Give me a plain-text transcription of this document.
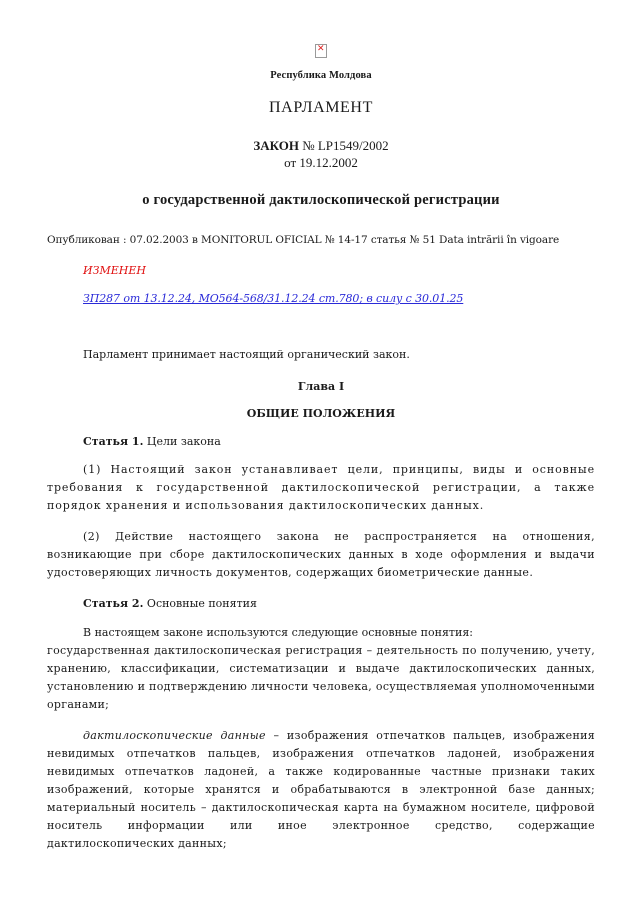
✕
Республика Молдова
ПАРЛАМЕНТ
ЗАКОН № LP1549/2002
от 19.12.2002
о государственной дактилоскопической регистрации
Опубликован : 07.02.2003 в MONITORUL OFICIAL № 14-17 статья № 51 Data intrării în vigoare
ИЗМЕНЕН
ЗП287 от 13.12.24, MO564-568/31.12.24 ст.780; в силу с 30.01.25

Парламент принимает настоящий органический закон.

Глава I
ОБЩИЕ ПОЛОЖЕНИЯ
Статья 1. Цели закона

(1) Настоящий закон устанавливает цели, принципы, виды и основные требования к государственной дактилоскопической регистрации, а также порядок хранения и использования дактилоскопических данных.

(2) Действие настоящего закона не распространяется на отношения, возникающие при сборе дактилоскопических данных в ходе оформления и выдачи удостоверяющих личность документов, содержащих биометрические данные.

Статья 2. Основные понятия

В настоящем законе используются следующие основные понятия:

государственная дактилоскопическая регистрация – деятельность по получению, учету, хранению, классификации, систематизации и выдаче дактилоскопических данных, установлению и подтверждению личности человека, осуществляемая уполномоченными органами;

дактилоскопические данные – изображения отпечатков пальцев, изображения невидимых отпечатков пальцев, изображения отпечатков ладоней, изображения невидимых отпечатков ладоней, а также кодированные частные признаки таких изображений, которые хранятся и обрабатываются в электронной базе данных; материальный носитель – дактилоскопическая карта на бумажном носителе, цифровой носитель информации или иное электронное средство, содержащие дактилоскопических данных;
